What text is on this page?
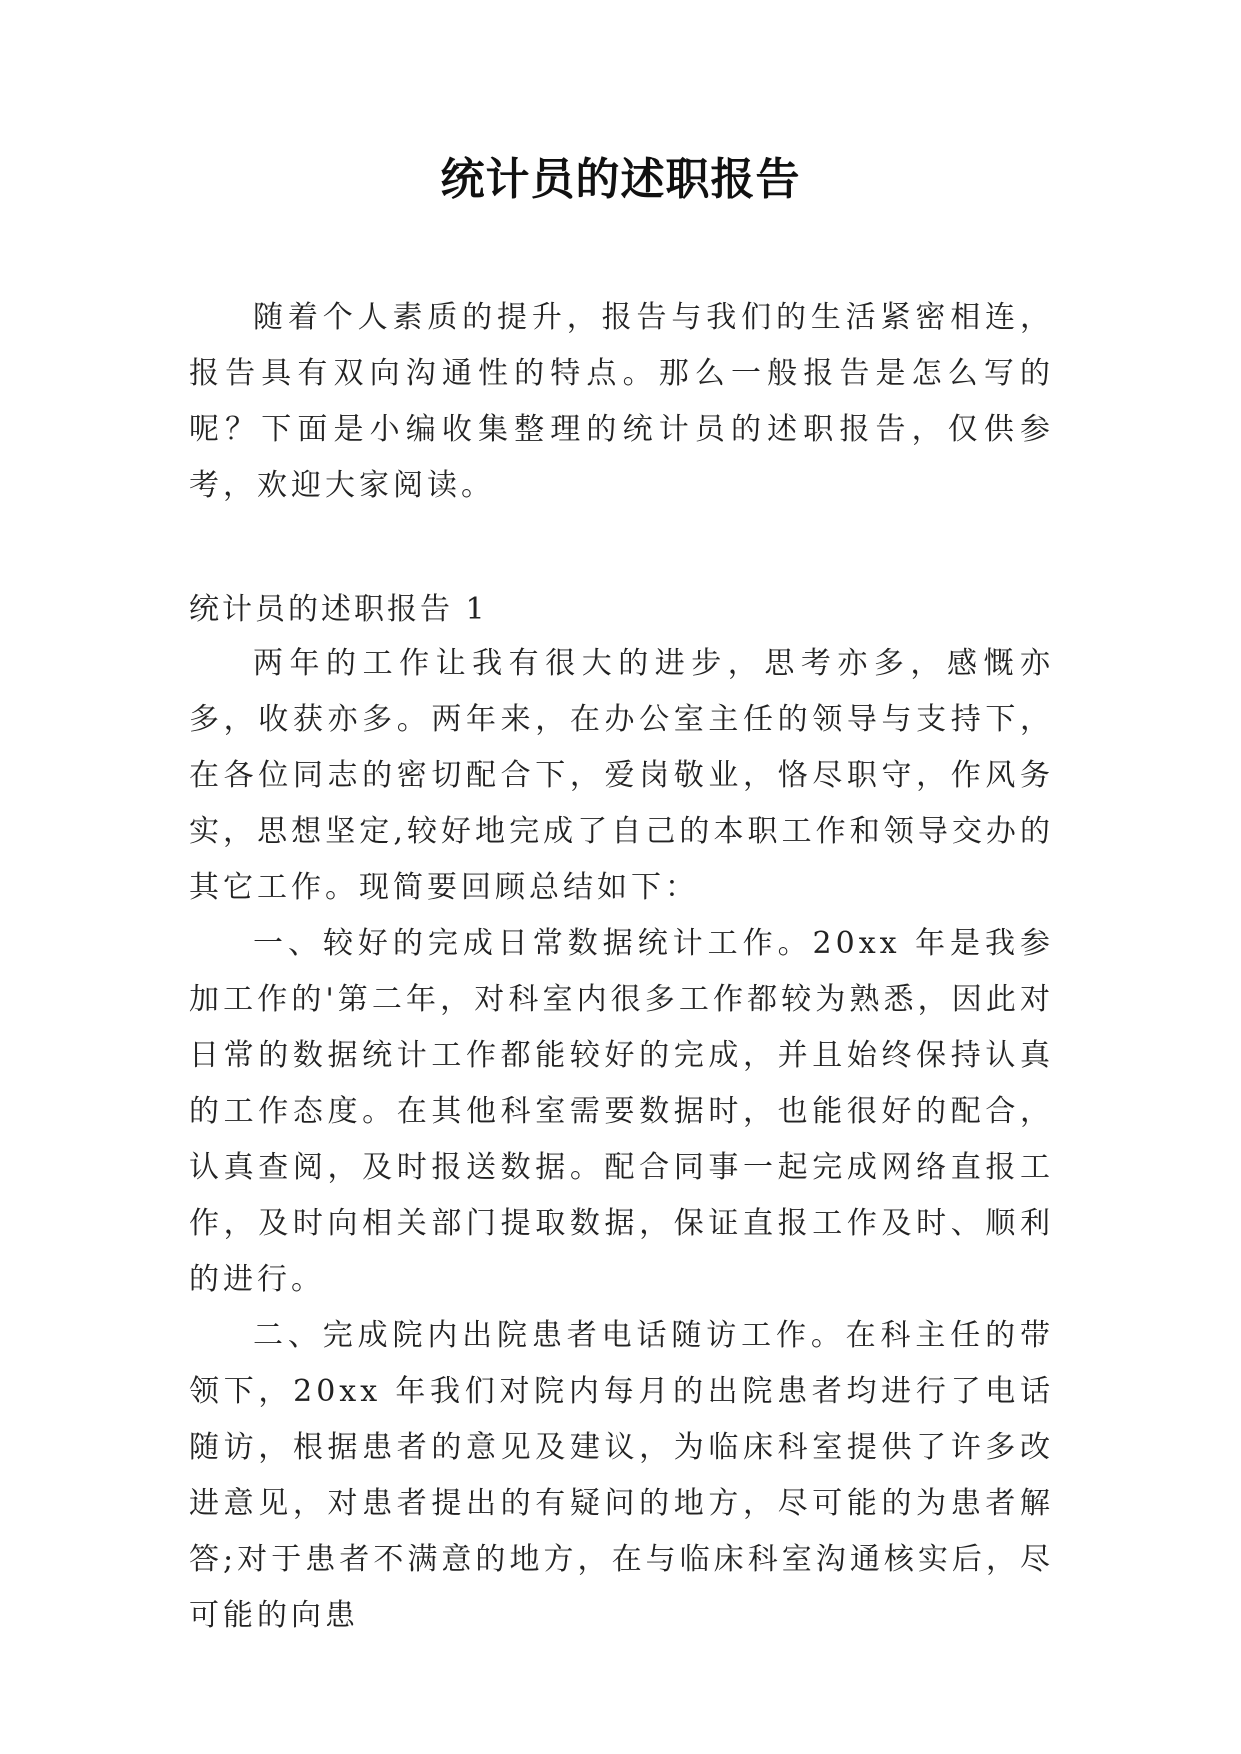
统计员的述职报告

随着个人素质的提升，报告与我们的生活紧密相连，报告具有双向沟通性的特点。那么一般报告是怎么写的呢？下面是小编收集整理的统计员的述职报告，仅供参考，欢迎大家阅读。

统计员的述职报告 1

两年的工作让我有很大的进步，思考亦多，感慨亦多，收获亦多。两年来，在办公室主任的领导与支持下，在各位同志的密切配合下，爱岗敬业，恪尽职守，作风务实，思想坚定,较好地完成了自己的本职工作和领导交办的其它工作。现简要回顾总结如下：

一、较好的完成日常数据统计工作。20xx 年是我参加工作的'第二年，对科室内很多工作都较为熟悉，因此对日常的数据统计工作都能较好的完成，并且始终保持认真的工作态度。在其他科室需要数据时，也能很好的配合，认真查阅，及时报送数据。配合同事一起完成网络直报工作，及时向相关部门提取数据，保证直报工作及时、顺利的进行。

二、完成院内出院患者电话随访工作。在科主任的带领下，20xx 年我们对院内每月的出院患者均进行了电话随访，根据患者的意见及建议，为临床科室提供了许多改进意见，对患者提出的有疑问的地方，尽可能的为患者解答;对于患者不满意的地方，在与临床科室沟通核实后，尽可能的向患
